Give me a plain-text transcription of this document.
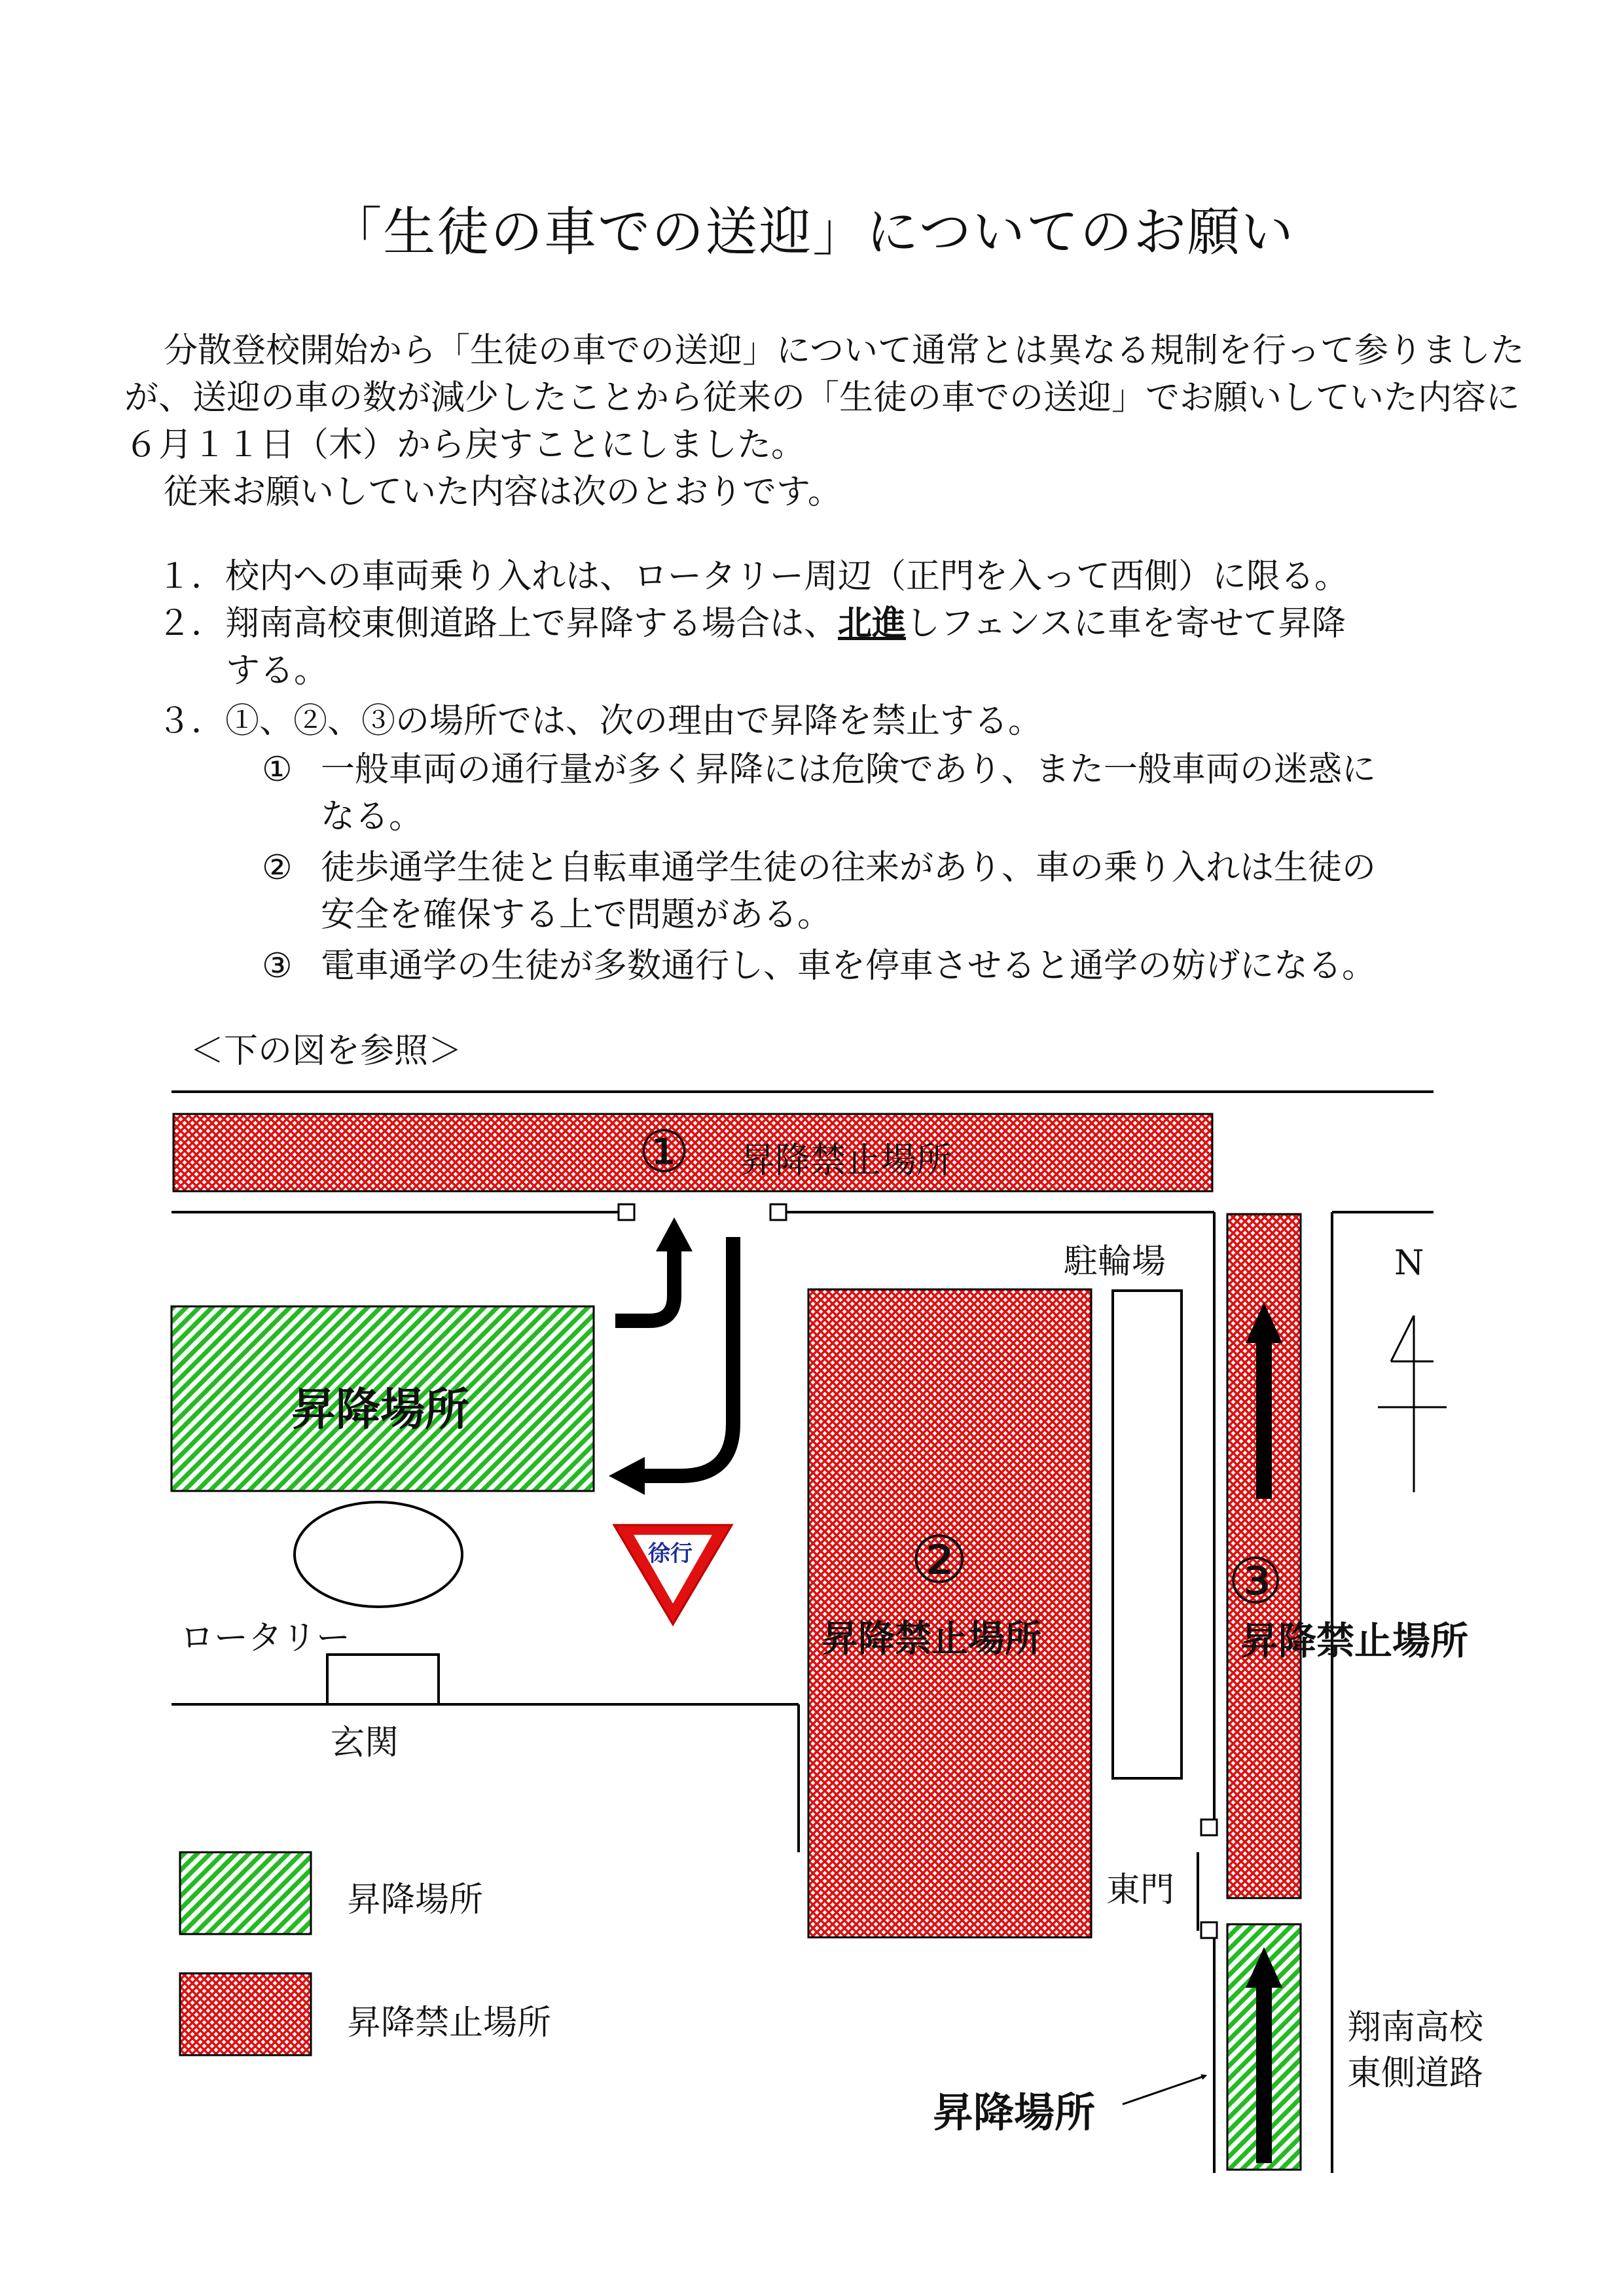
「生徒の車での送迎」についてのお願い
分散登校開始から「生徒の車での送迎」について通常とは異なる規制を行って参りましたが、送迎の車の数が減少したことから従来の「生徒の車での送迎」でお願いしていた内容に６月１１日（木）から戻すことにしました。
従来お願いしていた内容は次のとおりです。
１．校内への車両乗り入れは、ロータリー周辺（正門を入って西側）に限る。
２．翔南高校東側道路上で昇降する場合は、北進しフェンスに車を寄せて昇降
する。
３．①、②、③の場所では、次の理由で昇降を禁止する。
① 一般車両の通行量が多く昇降には危険であり、また一般車両の迷惑に
なる。
② 徒歩通学生徒と自転車通学生徒の往来があり、車の乗り入れは生徒の
安全を確保する上で問題がある。
③ 電車通学の生徒が多数通行し、車を停車させると通学の妨げになる。
＜下の図を参照＞
① 昇降禁止場所
昇降場所
駐輪場	N
②
昇降禁止場所
③
昇降禁止場所
徐行
ロータリー
玄関
東門
翔南高校
東側道路
昇降場所
昇降場所
昇降禁止場所
